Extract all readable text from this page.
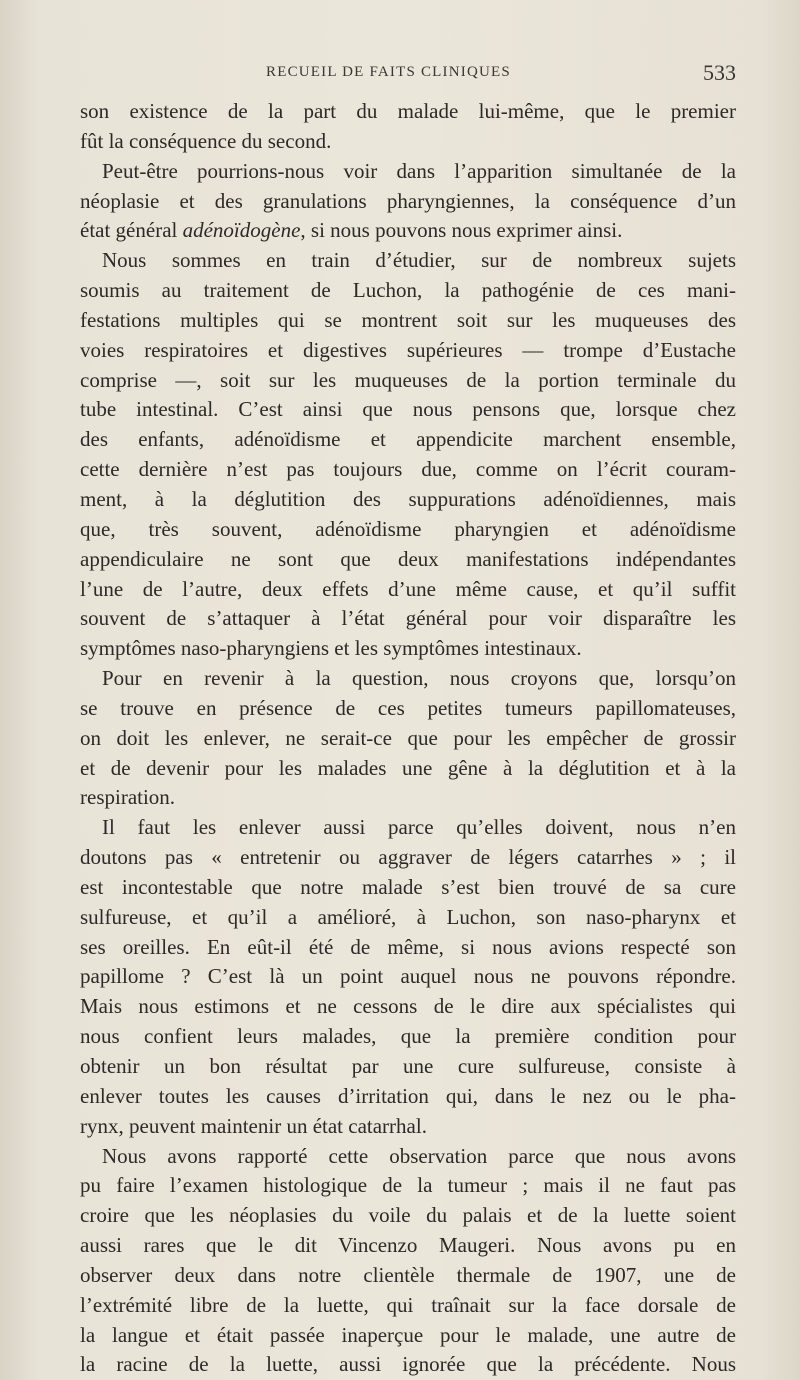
RECUEIL DE FAITS CLINIQUES	533
son existence de la part du malade lui-même, que le premier
fût la conséquence du second.
Peut-être pourrions-nous voir dans l’apparition simultanée de la
néoplasie et des granulations pharyngiennes, la conséquence d’un
état général adénoïdogène, si nous pouvons nous exprimer ainsi.
Nous sommes en train d’étudier, sur de nombreux sujets
soumis au traitement de Luchon, la pathogénie de ces mani-
festations multiples qui se montrent soit sur les muqueuses des
voies respiratoires et digestives supérieures — trompe d’Eustache
comprise —, soit sur les muqueuses de la portion terminale du
tube intestinal. C’est ainsi que nous pensons que, lorsque chez
des enfants, adénoïdisme et appendicite marchent ensemble,
cette dernière n’est pas toujours due, comme on l’écrit couram-
ment, à la déglutition des suppurations adénoïdiennes, mais
que, très souvent, adénoïdisme pharyngien et adénoïdisme
appendiculaire ne sont que deux manifestations indépendantes
l’une de l’autre, deux effets d’une même cause, et qu’il suffit
souvent de s’attaquer à l’état général pour voir disparaître les
symptômes naso-pharyngiens et les symptômes intestinaux.
Pour en revenir à la question, nous croyons que, lorsqu’on
se trouve en présence de ces petites tumeurs papillomateuses,
on doit les enlever, ne serait-ce que pour les empêcher de grossir
et de devenir pour les malades une gêne à la déglutition et à la
respiration.
Il faut les enlever aussi parce qu’elles doivent, nous n’en
doutons pas « entretenir ou aggraver de légers catarrhes » ; il
est incontestable que notre malade s’est bien trouvé de sa cure
sulfureuse, et qu’il a amélioré, à Luchon, son naso-pharynx et
ses oreilles. En eût-il été de même, si nous avions respecté son
papillome ? C’est là un point auquel nous ne pouvons répondre.
Mais nous estimons et ne cessons de le dire aux spécialistes qui
nous confient leurs malades, que la première condition pour
obtenir un bon résultat par une cure sulfureuse, consiste à
enlever toutes les causes d’irritation qui, dans le nez ou le pha-
rynx, peuvent maintenir un état catarrhal.
Nous avons rapporté cette observation parce que nous avons
pu faire l’examen histologique de la tumeur ; mais il ne faut pas
croire que les néoplasies du voile du palais et de la luette soient
aussi rares que le dit Vincenzo Maugeri. Nous avons pu en
observer deux dans notre clientèle thermale de 1907, une de
l’extrémité libre de la luette, qui traînait sur la face dorsale de
la langue et était passée inaperçue pour le malade, une autre de
la racine de la luette, aussi ignorée que la précédente. Nous
